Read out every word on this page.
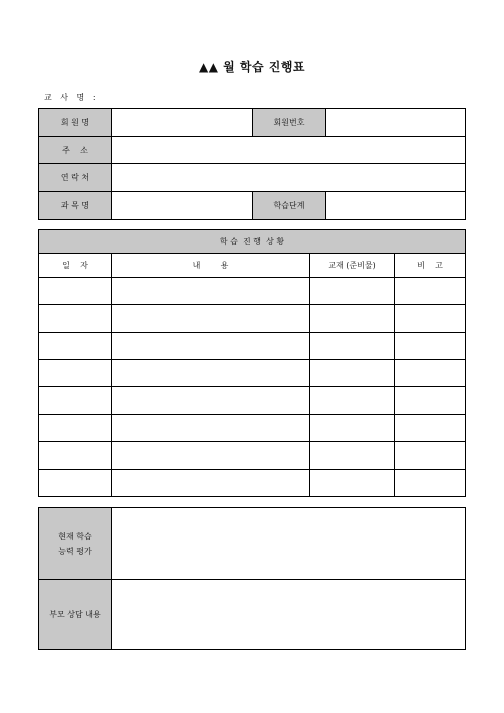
▲▲ 월 학습 진행표
교 사 명 :
회 원 명		회원번호	
주    소			
연 락 처			
과 목 명		학습단계	
학 습  진 행  상 황			
일    자	내        용	교재 (준비물)	비    고

현재 학습
능력 평가	

부모 상담 내용	
